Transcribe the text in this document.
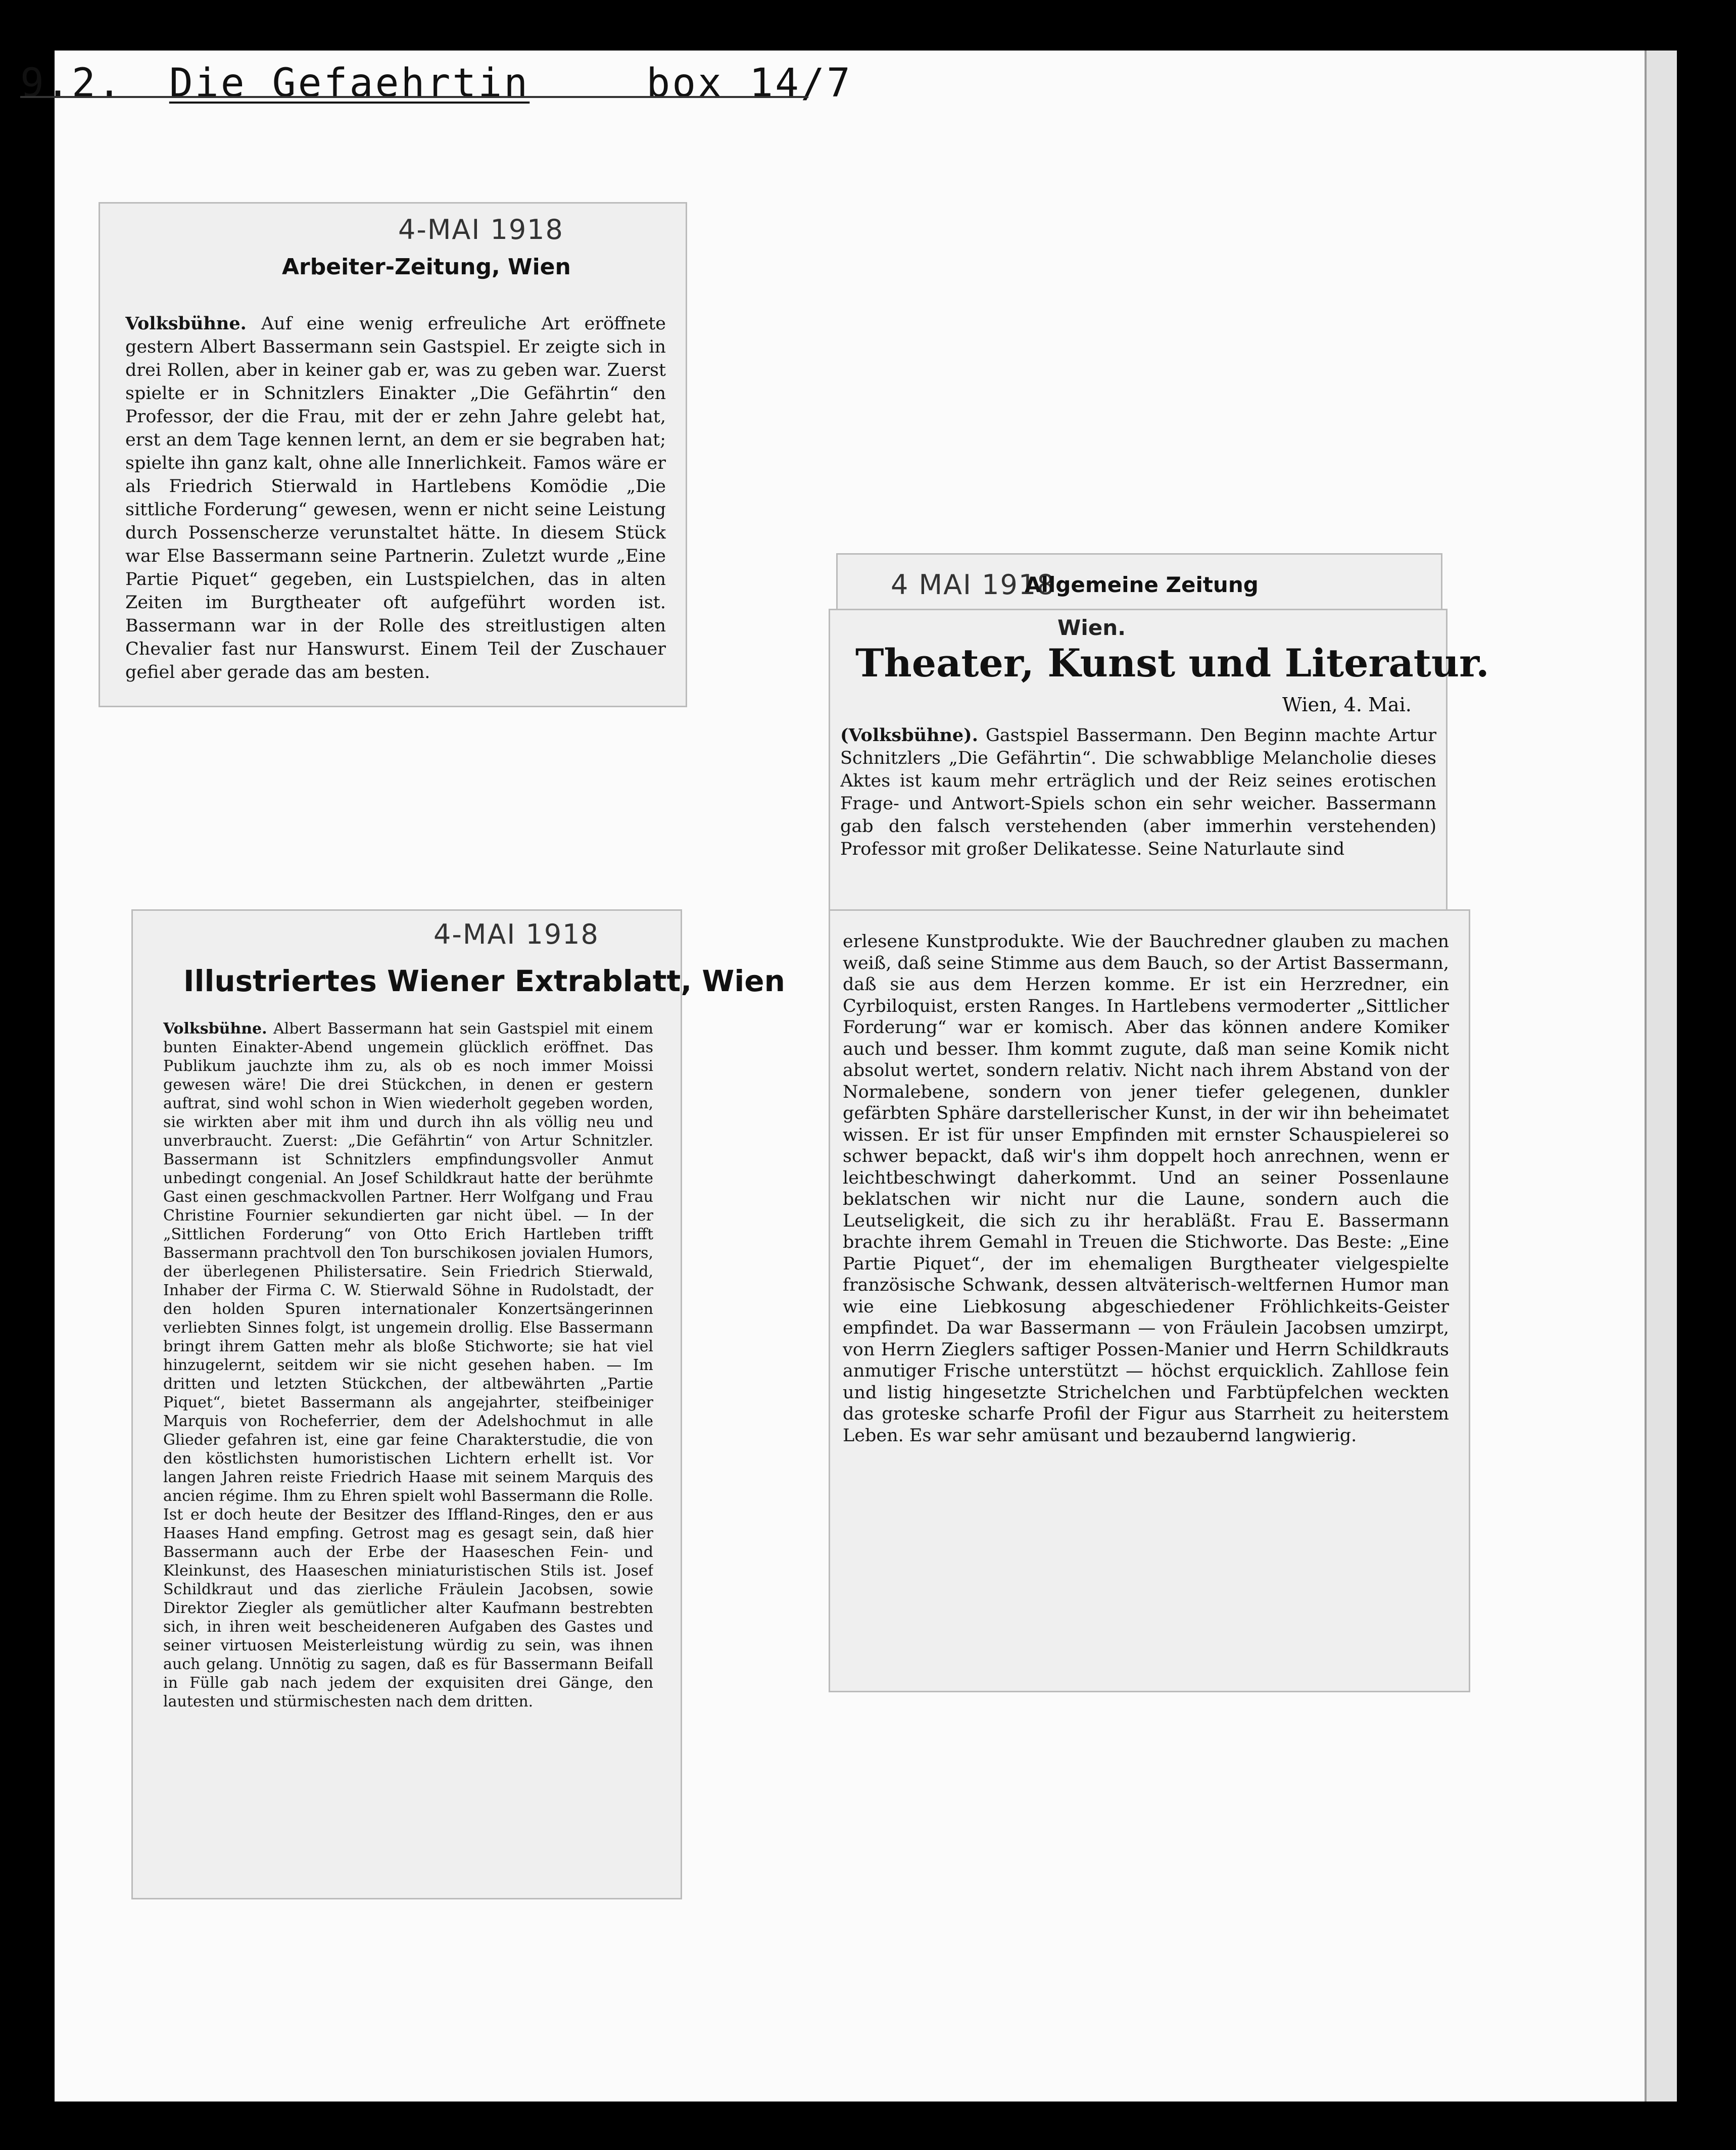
9.2. Die Gefaehrtin	box 14/7
4-MAI 1918
Arbeiter-Zeitung, Wien
Volksbühne. Auf eine wenig erfreuliche Art eröffnete gestern Albert Bassermann sein Gastspiel. Er zeigte sich in drei Rollen, aber in keiner gab er, was zu geben war. Zuerst spielte er in Schnitzlers Einakter „Die Gefährtin“ den Professor, der die Frau, mit der er zehn Jahre gelebt hat, erst an dem Tage kennen lernt, an dem er sie begraben hat; spielte ihn ganz kalt, ohne alle Innerlichkeit. Famos wäre er als Friedrich Stierwald in Hartlebens Komödie „Die sittliche Forderung“ gewesen, wenn er nicht seine Leistung durch Possenscherze verunstaltet hätte. In diesem Stück war Else Bassermann seine Partnerin. Zuletzt wurde „Eine Partie Piquet“ gegeben, ein Lustspielchen, das in alten Zeiten im Burgtheater oft aufgeführt worden ist. Bassermann war in der Rolle des streitlustigen alten Chevalier fast nur Hanswurst. Einem Teil der Zuschauer gefiel aber gerade das am besten.
4-MAI 1918
Illustriertes Wiener Extrablatt, Wien
Volksbühne. Albert Bassermann hat sein Gastspiel mit einem bunten Einakter-Abend ungemein glücklich eröffnet. Das Publikum jauchzte ihm zu, als ob es noch immer Moissi gewesen wäre! Die drei Stückchen, in denen er gestern auftrat, sind wohl schon in Wien wiederholt gegeben worden, sie wirkten aber mit ihm und durch ihn als völlig neu und unverbraucht. Zuerst: „Die Gefährtin“ von Artur Schnitzler. Bassermann ist Schnitzlers empfindungsvoller Anmut unbedingt congenial. An Josef Schildkraut hatte der berühmte Gast einen geschmackvollen Partner. Herr Wolfgang und Frau Christine Fournier sekundierten gar nicht übel. — In der „Sittlichen Forderung“ von Otto Erich Hartleben trifft Bassermann prachtvoll den Ton burschikosen jovialen Humors, der überlegenen Philistersatire. Sein Friedrich Stierwald, Inhaber der Firma C. W. Stierwald Söhne in Rudolstadt, der den holden Spuren internationaler Konzertsängerinnen verliebten Sinnes folgt, ist ungemein drollig. Else Bassermann bringt ihrem Gatten mehr als bloße Stichworte; sie hat viel hinzugelernt, seitdem wir sie nicht gesehen haben. — Im dritten und letzten Stückchen, der altbewährten „Partie Piquet“, bietet Bassermann als angejahrter, steifbeiniger Marquis von Rocheferrier, dem der Adelshochmut in alle Glieder gefahren ist, eine gar feine Charakterstudie, die von den köstlichsten humoristischen Lichtern erhellt ist. Vor langen Jahren reiste Friedrich Haase mit seinem Marquis des ancien régime. Ihm zu Ehren spielt wohl Bassermann die Rolle. Ist er doch heute der Besitzer des Iffland-Ringes, den er aus Haases Hand empfing. Getrost mag es gesagt sein, daß hier Bassermann auch der Erbe der Haaseschen Fein- und Kleinkunst, des Haaseschen miniaturistischen Stils ist. Josef Schildkraut und das zierliche Fräulein Jacobsen, sowie Direktor Ziegler als gemütlicher alter Kaufmann bestrebten sich, in ihren weit bescheideneren Aufgaben des Gastes und seiner virtuosen Meisterleistung würdig zu sein, was ihnen auch gelang. Unnötig zu sagen, daß es für Bassermann Beifall in Fülle gab nach jedem der exquisiten drei Gänge, den lautesten und stürmischesten nach dem dritten.
4 MAI 1918
Allgemeine Zeitung
Wien.
Theater, Kunst und Literatur.
Wien, 4. Mai.
(Volksbühne). Gastspiel Bassermann. Den Beginn machte Artur Schnitzlers „Die Gefährtin“. Die schwabblige Melancholie dieses Aktes ist kaum mehr erträglich und der Reiz seines erotischen Frage- und Antwort-Spiels schon ein sehr weicher. Bassermann gab den falsch verstehenden (aber immerhin verstehenden) Professor mit großer Delikatesse. Seine Naturlaute sind
erlesene Kunstprodukte. Wie der Bauchredner glauben zu machen weiß, daß seine Stimme aus dem Bauch, so der Artist Bassermann, daß sie aus dem Herzen komme. Er ist ein Herzredner, ein Cyrbiloquist, ersten Ranges. In Hartlebens vermoderter „Sittlicher Forderung“ war er komisch. Aber das können andere Komiker auch und besser. Ihm kommt zugute, daß man seine Komik nicht absolut wertet, sondern relativ. Nicht nach ihrem Abstand von der Normalebene, sondern von jener tiefer gelegenen, dunkler gefärbten Sphäre darstellerischer Kunst, in der wir ihn beheimatet wissen. Er ist für unser Empfinden mit ernster Schauspielerei so schwer bepackt, daß wir's ihm doppelt hoch anrechnen, wenn er leichtbeschwingt daherkommt. Und an seiner Possenlaune beklatschen wir nicht nur die Laune, sondern auch die Leutseligkeit, die sich zu ihr herabläßt. Frau E. Bassermann brachte ihrem Gemahl in Treuen die Stichworte. Das Beste: „Eine Partie Piquet“, der im ehemaligen Burgtheater vielgespielte französische Schwank, dessen altväterisch-weltfernen Humor man wie eine Liebkosung abgeschiedener Fröhlichkeits-Geister empfindet. Da war Bassermann — von Fräulein Jacobsen umzirpt, von Herrn Zieglers saftiger Possen-Manier und Herrn Schildkrauts anmutiger Frische unterstützt — höchst erquicklich. Zahllose fein und listig hingesetzte Strichelchen und Farbtüpfelchen weckten das groteske scharfe Profil der Figur aus Starrheit zu heiterstem Leben. Es war sehr amüsant und bezaubernd langwierig.
